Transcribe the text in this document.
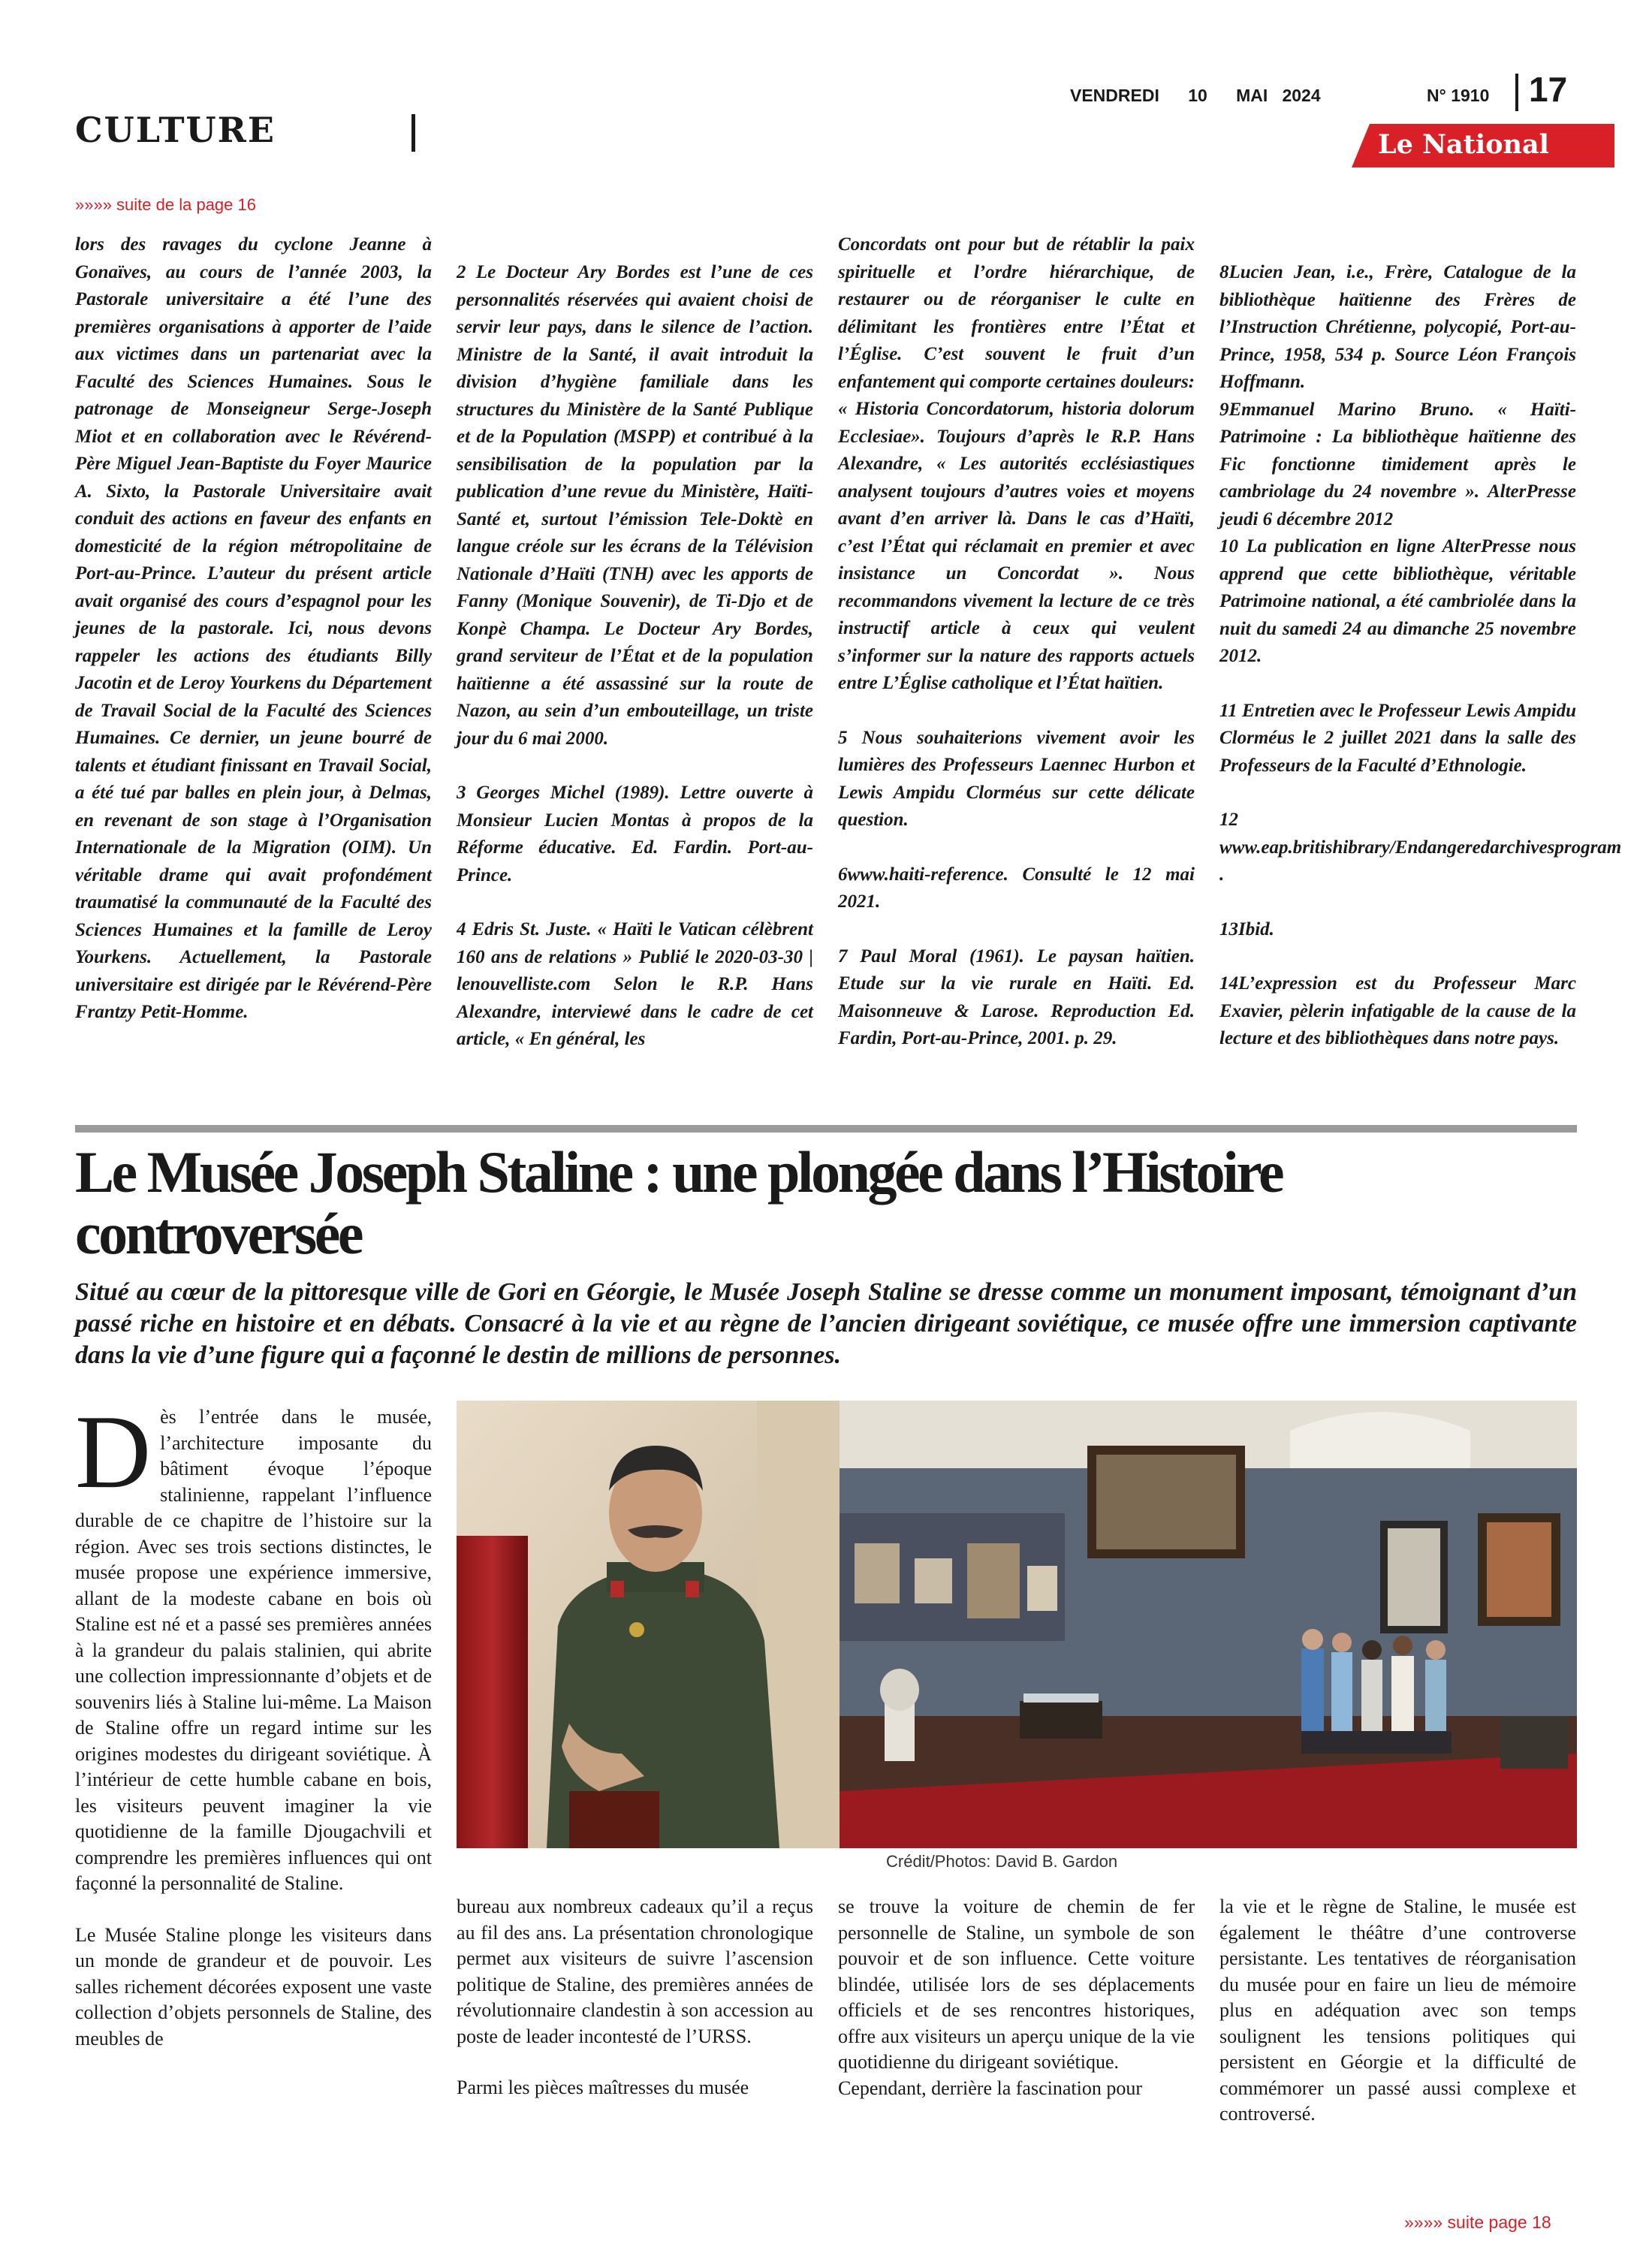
CULTURE
VENDREDI 10 MAI   2024	N° 1910 17
Le National
»»»» suite de la page 16

lors des ravages du cyclone Jeanne à Gonaïves, au cours de l’année 2003, la Pastorale universitaire a été l’une des premières organisations à apporter de l’aide aux victimes dans un partenariat avec la Faculté des Sciences Humaines. Sous le patronage de Monseigneur Serge-Joseph Miot et en collaboration avec le Révérend-Père Miguel Jean-Baptiste du Foyer Maurice A. Sixto, la Pastorale Universitaire avait conduit des actions en faveur des enfants en domesticité de la région métropolitaine de Port-au-Prince. L’auteur du présent article avait organisé des cours d’espagnol pour les jeunes de la pastorale. Ici, nous devons rappeler les actions des étudiants Billy Jacotin et de Leroy Yourkens du Département de Travail Social de la Faculté des Sciences Humaines. Ce dernier, un jeune bourré de talents et étudiant finissant en Travail Social, a été tué par balles en plein jour, à Delmas, en revenant de son stage à l’Organisation Internationale de la Migration (OIM). Un véritable drame qui avait profondément traumatisé la communauté de la Faculté des Sciences Humaines et la famille de Leroy Yourkens. Actuellement, la Pastorale universitaire est dirigée par le Révérend-Père Frantzy Petit-Homme.

2 Le Docteur Ary Bordes est l’une de ces personnalités réservées qui avaient choisi de servir leur pays, dans le silence de l’action. Ministre de la Santé, il avait introduit la division d’hygiène familiale dans les structures du Ministère de la Santé Publique et de la Population (MSPP) et contribué à la sensibilisation de la population par la publication d’une revue du Ministère, Haïti-Santé et, surtout l’émission Tele-Doktè en langue créole sur les écrans de la Télévision Nationale d’Haïti (TNH) avec les apports de Fanny (Monique Souvenir), de Ti-Djo et de Konpè Champa. Le Docteur Ary Bordes, grand serviteur de l’État et de la population haïtienne a été assassiné sur la route de Nazon, au sein d’un embouteillage, un triste jour du 6 mai 2000.

3 Georges Michel (1989). Lettre ouverte à Monsieur Lucien Montas à propos de la Réforme éducative. Ed. Fardin. Port-au-Prince.

4 Edris St. Juste. « Haïti le Vatican célèbrent 160 ans de relations » Publié le 2020-03-30 | lenouvelliste.com Selon le R.P. Hans Alexandre, interviewé dans le cadre de cet article, « En général, les

Concordats ont pour but de rétablir la paix spirituelle et l’ordre hiérarchique, de restaurer ou de réorganiser le culte en délimitant les frontières entre l’État et l’Église. C’est souvent le fruit d’un enfantement qui comporte certaines douleurs: « Historia Concordatorum, historia dolorum Ecclesiae». Toujours d’après le R.P. Hans Alexandre, « Les autorités ecclésiastiques analysent toujours d’autres voies et moyens avant d’en arriver là. Dans le cas d’Haïti, c’est l’État qui réclamait en premier et avec insistance un Concordat ». Nous recommandons vivement la lecture de ce très instructif article à ceux qui veulent s’informer sur la nature des rapports actuels entre L’Église catholique et l’État haïtien.

5 Nous souhaiterions vivement avoir les lumières des Professeurs Laennec Hurbon et Lewis Ampidu Clorméus sur cette délicate question.

6www.haiti-reference. Consulté le 12 mai 2021.

7 Paul Moral (1961). Le paysan haïtien. Etude sur la vie rurale en Haïti. Ed. Maisonneuve & Larose. Reproduction Ed. Fardin, Port-au-Prince, 2001. p. 29.

8Lucien Jean, i.e., Frère, Catalogue de la bibliothèque haïtienne des Frères de l’Instruction Chrétienne, polycopié, Port-au-Prince, 1958, 534 p. Source Léon François Hoffmann.
9Emmanuel Marino Bruno. « Haïti-Patrimoine : La bibliothèque haïtienne des Fic fonctionne timidement après le cambriolage du 24 novembre ». AlterPresse jeudi 6 décembre 2012
10 La publication en ligne AlterPresse nous apprend que cette bibliothèque, véritable Patrimoine national, a été cambriolée dans la nuit du samedi 24 au dimanche 25 novembre 2012.

11 Entretien avec le Professeur Lewis Ampidu Clorméus le 2 juillet 2021 dans la salle des Professeurs de la Faculté d’Ethnologie.

12 www.eap.britishibrary/Endangeredarchivesprogram .

13Ibid.

14L’expression est du Professeur Marc Exavier, pèlerin infatigable de la cause de la lecture et des bibliothèques dans notre pays.

Le Musée Joseph Staline : une plongée dans l’Histoire controversée
Situé au cœur de la pittoresque ville de Gori en Géorgie, le Musée Joseph Staline se dresse comme un monument imposant, témoignant d’un passé riche en histoire et en débats. Consacré à la vie et au règne de l’ancien dirigeant soviétique, ce musée offre une immersion captivante dans la vie d’une figure qui a façonné le destin de millions de personnes.
Crédit/Photos: David B. Gardon

Dès l’entrée dans le musée, l’architecture imposante du bâtiment évoque l’époque stalinienne, rappelant l’influence durable de ce chapitre de l’histoire sur la région. Avec ses trois sections distinctes, le musée propose une expérience immersive, allant de la modeste cabane en bois où Staline est né et a passé ses premières années à la grandeur du palais stalinien, qui abrite une collection impressionnante d’objets et de souvenirs liés à Staline lui-même. La Maison de Staline offre un regard intime sur les origines modestes du dirigeant soviétique. À l’intérieur de cette humble cabane en bois, les visiteurs peuvent imaginer la vie quotidienne de la famille Djougachvili et comprendre les premières influences qui ont façonné la personnalité de Staline.

Le Musée Staline plonge les visiteurs dans un monde de grandeur et de pouvoir. Les salles richement décorées exposent une vaste collection d’objets personnels de Staline, des meubles de

bureau aux nombreux cadeaux qu’il a reçus au fil des ans. La présentation chronologique permet aux visiteurs de suivre l’ascension politique de Staline, des premières années de révolutionnaire clandestin à son accession au poste de leader incontesté de l’URSS.

Parmi les pièces maîtresses du musée

se trouve la voiture de chemin de fer personnelle de Staline, un symbole de son pouvoir et de son influence. Cette voiture blindée, utilisée lors de ses déplacements officiels et de ses rencontres historiques, offre aux visiteurs un aperçu unique de la vie quotidienne du dirigeant soviétique.
Cependant, derrière la fascination pour

la vie et le règne de Staline, le musée est également le théâtre d’une controverse persistante. Les tentatives de réorganisation du musée pour en faire un lieu de mémoire plus en adéquation avec son temps soulignent les tensions politiques qui persistent en Géorgie et la difficulté de commémorer un passé aussi complexe et controversé.

»»»» suite page 18
